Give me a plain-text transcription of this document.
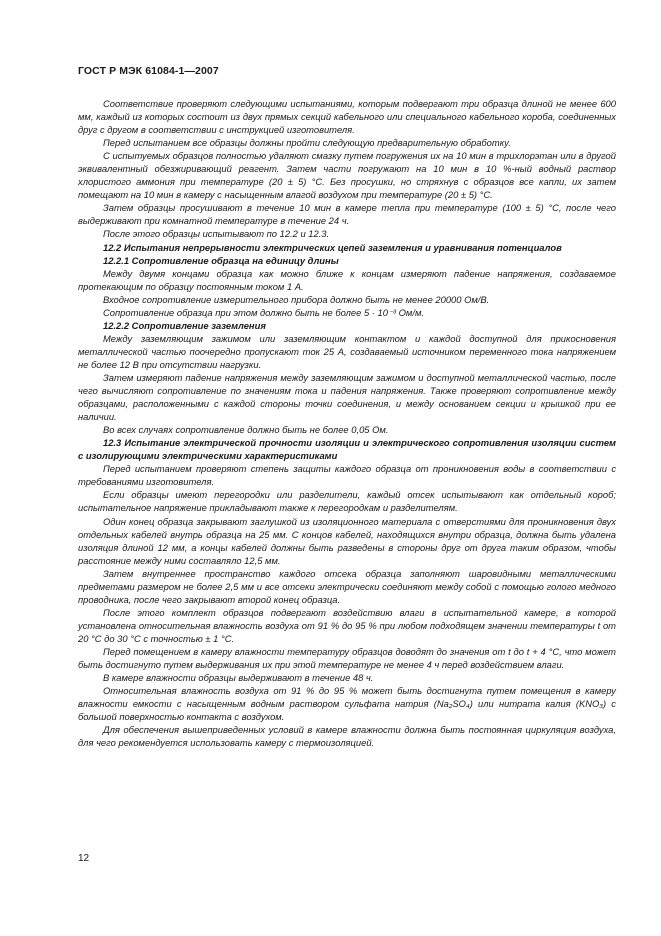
ГОСТ Р МЭК 61084-1—2007

Соответствие проверяют следующими испытаниями, которым подвергают три образца длиной не менее 600 мм, каждый из которых состоит из двух прямых секций кабельного или специального кабельного короба, соединенных друг с другом в соответствии с инструкцией изготовителя.

Перед испытанием все образцы должны пройти следующую предварительную обработку.

С испытуемых образцов полностью удаляют смазку путем погружения их на 10 мин в трихлорэтан или в другой эквивалентный обезжиривающий реагент. Затем части погружают на 10 мин в 10 %-ный водный раствор хлористого аммония при температуре (20 ± 5) °С. Без просушки, но стряхнув с образцов все капли, их затем помещают на 10 мин в камеру с насыщенным влагой воздухом при температуре (20 ± 5) °С.

Затем образцы просушивают в течение 10 мин в камере тепла при температуре (100 ± 5) °С, после чего выдерживают при комнатной температуре в течение 24 ч.

После этого образцы испытывают по 12.2 и 12.3.

12.2 Испытания непрерывности электрических цепей заземления и уравнивания потенциалов

12.2.1 Сопротивление образца на единицу длины

Между двумя концами образца как можно ближе к концам измеряют падение напряжения, создаваемое протекающим по образцу постоянным током 1 А.

Входное сопротивление измерительного прибора должно быть не менее 20000 Ом/В.

Сопротивление образца при этом должно быть не более 5 · 10⁻³ Ом/м.

12.2.2 Сопротивление заземления

Между заземляющим зажимом или заземляющим контактом и каждой доступной для прикосновения металлической частью поочередно пропускают ток 25 А, создаваемый источником переменного тока напряжением не более 12 В при отсутствии нагрузки.

Затем измеряют падение напряжения между заземляющим зажимом и доступной металлической частью, после чего вычисляют сопротивление по значениям тока и падения напряжения. Также проверяют сопротивление между образцами, расположенными с каждой стороны точки соединения, и между основанием секции и крышкой при ее наличии.

Во всех случаях сопротивление должно быть не более 0,05 Ом.

12.3 Испытание электрической прочности изоляции и электрического сопротивления изоляции систем с изолирующими электрическими характеристиками

Перед испытанием проверяют степень защиты каждого образца от проникновения воды в соответствии с требованиями изготовителя.

Если образцы имеют перегородки или разделители, каждый отсек испытывают как отдельный короб; испытательное напряжение прикладывают также к перегородкам и разделителям.

Один конец образца закрывают заглушкой из изоляционного материала с отверстиями для проникновения двух отдельных кабелей внутрь образца на 25 мм. С концов кабелей, находящихся внутри образца, должна быть удалена изоляция длиной 12 мм, а концы кабелей должны быть разведены в стороны друг от друга таким образом, чтобы расстояние между ними составляло 12,5 мм.

Затем внутреннее пространство каждого отсека образца заполняют шаровидными металлическими предметами размером не более 2,5 мм и все отсеки электрически соединяют между собой с помощью голого медного проводника, после чего закрывают второй конец образца.

После этого комплект образцов подвергают воздействию влаги в испытательной камере, в которой установлена относительная влажность воздуха от 91 % до 95 % при любом подходящем значении температуры t от 20 °С до 30 °С с точностью ± 1 °С.

Перед помещением в камеру влажности температуру образцов доводят до значения от t до t + 4 °С, что может быть достигнуто путем выдерживания их при этой температуре не менее 4 ч перед воздействием влаги.

В камере влажности образцы выдерживают в течение 48 ч.

Относительная влажность воздуха от 91 % до 95 % может быть достигнута путем помещения в камеру влажности емкости с насыщенным водным раствором сульфата натрия (Na₂SO₄) или нитрата калия (KNO₃) с большой поверхностью контакта с воздухом.

Для обеспечения вышеприведенных условий в камере влажности должна быть постоянная циркуляция воздуха, для чего рекомендуется использовать камеру с термоизоляцией.

12
